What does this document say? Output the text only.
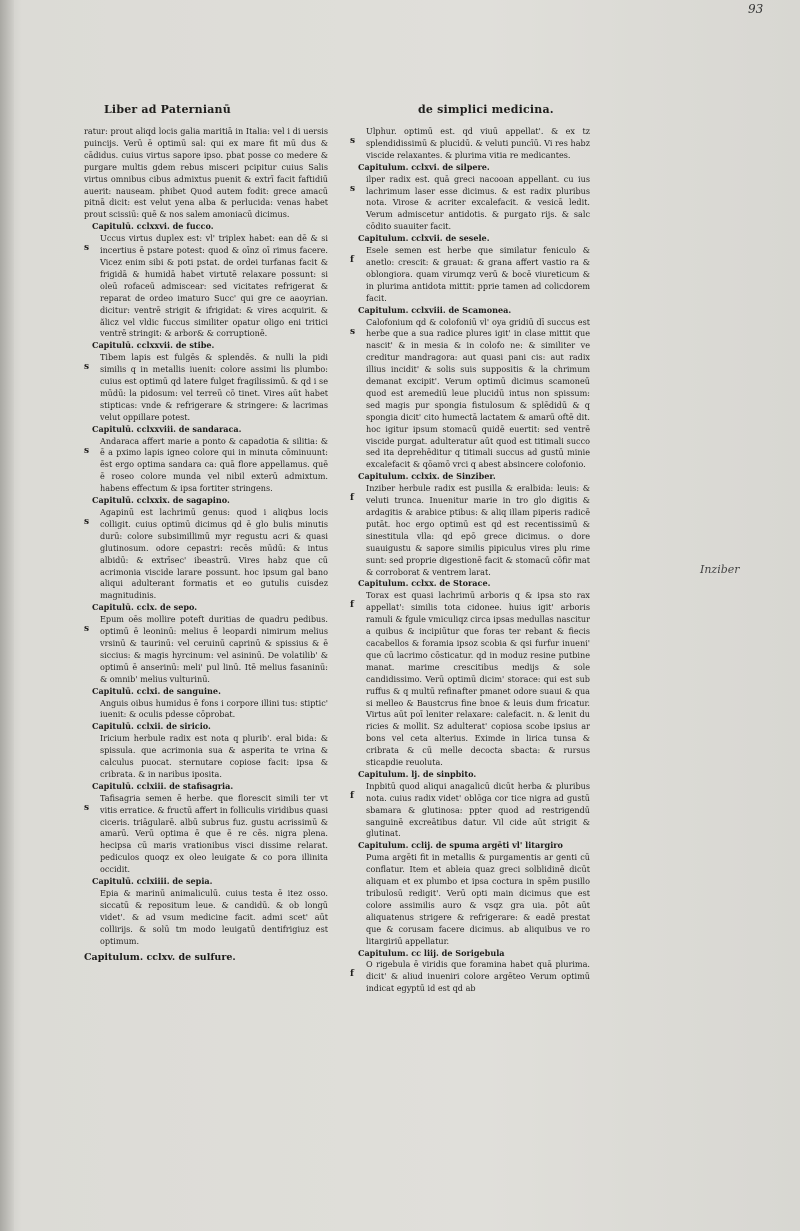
93
Liber ad Paternianū	de simplici medicina.

ratur: prout aliqd locis galia maritiā in Italia: vel i di uersis puincijs. Verū ē optimū sal: qui ex mare fit mū dus & cādidus. cuius virtus sapore ipso. pbat posse co medere & purgare multis gdem rebus misceri pcipitur cuius Salis virtus omnibus cibus admixtus puenit & extrī facit faftidiū auerit: nauseam. phibet Quod autem fodit: grece amacū pitnā dicit: est velut yena alba & perlucida: venas habet prout scissiū: quē & nos salem amoniacū dicimus.

Capitulū. cclxxvi. de fucco.

s
Uccus virtus duplex est: vl' triplex habet: ean dē & si incertius ē pstare potest: quod & oīnz oī rimus facere. Vicez enim sibi & poti pstat. de ordei turfanas facit & frigidā & humidā habet virtutē relaxare possunt: si oleū rofaceū admiscear: sed vicitates refrigerat & reparat de ordeo imaturo Succ' qui gre ce aaoyrian. dicitur: ventrē strigit & ifrigidat: & vires acquirit. & ălicz vel vldic fuccus similiter opatur oligo eni tritici ventrē stringit: & arbor& & corruptionē.

Capitulū. cclxxvii. de stibe.

s
Tibem lapis est fulgēs & splendēs. & nulli la pidi similis q in metallis iuenit: colore assimi lis plumbo: cuius est optimū qd latere fulget fragilissimū. & qd i se mūdū: la pidosum: vel terreū cō tinet. Vires aūt habet stipticas: vnde & refrigerare & stringere: & lacrimas velut oppillare potest.

Capitulū. cclxxviii. de sandaraca.

s
Andaraca affert marie a ponto & capadotia & silitia: & ē a pximo lapis igneo colore qui in minuta cōminuunt: ēst ergo optima sandara ca: quā flore appellamus. quē ē roseo colore munda vel nibil exterū admixtum. habens effectum & ipsa fortiter stringens.

Capitulū. cclxxix. de sagapino.

s
Agapinū est lachrimū genus: quod i aliqbus locis colligit. cuius optimū dicimus qd ē glo bulis minutis durū: colore subsimillimū myr regustu acri & quasi glutinosum. odore cepastri: recēs mūdū: & intus albidū: & extrīsec' ibeastrū. Vires habz que cū acrimonia viscide larare possunt. hoc ipsum gal bano aliqui adulterant formatis et eo gutulis cuisdez magnitudinis.

Capitulū. cclx. de sepo.

s
Epum oēs mollire poteft duritias de quadru pedibus. optimū ē leoninū: melius ē leopardi nimirum melius vrsinū & taurinū: vel ceruinū caprinū & spissius & ē siccius: & magis hyrcinum: vel asininū. De volatilib' & optimū ē anserinū: meli' pul linū. Itē melius fasaninū: & omnib' melius vulturinū.

Capitulū. cclxi. de sanguine.

Anguis oibus humidus ē fons i corpore illini tus: stiptic' iuenit: & oculis pdesse cōprobat.

Capitulū. cclxii. de siricio.

Iricium herbule radix est nota q plurib'. eral bida: & spissula. que acrimonia sua & asperita te vrina & calculus puocat. sternutare copiose facit: ipsa & cribrata. & in naribus iposita.

Capitulū. cclxiii. de stafisagria.

s
Tafisagria semen ē herbe. que florescit simili ter vt vitis erratice. & fructū affert in folliculis viridibus quasi ciceris. triāgularē. albū subrus fuz. gustu acrissimū & amarū. Verū optima ē que ē re cēs. nigra plena. hecipsa cū maris vrationibus visci dissime relarat. pediculos quoqz ex oleo leuigate & co pora illinita occidit.

Capitulū. cclxiiii. de sepia.

Epia & marinū animaliculū. cuius testa ē itez osso. siccatū & repositum leue. & candidū. & ob longū videt'. & ad vsum medicine facit. admi scet' aūt collirijs. & solū tm modo leuigatū dentifrigiuz est optimum.

Capitulum. cclxv. de sulfure.

s
Ulphur. optimū est. qd viuū appellat'. & ex tz splendidissimū & plucidū. & veluti puncīū. Vi res habz viscide relaxantes. & plurima vitia re medicantes.

Capitulum. cclxvi. de silpere.

s
ilper radix est. quā greci nacooan appellant. cu ius lachrimum laser esse dicimus. & est radix pluribus nota. Virose & acriter excalefacit. & vesicā ledit. Verum admiscetur antidotis. & purgato rijs. & salc cōdito suauiter facit.

Capitulum. cclxvii. de sesele.

f
Esele semen est herbe que similatur feniculo & anetlo: crescit: & grauat: & grana affert vastio ra & oblongiora. quam virumqz verū & bocē viureticum & in plurima antidota mittit: pprie tamen ad colicdorem facit.

Capitulum. cclxviii. de Scamonea.

s
Calofonium qd & colofoniū vl' oya gridiū dī succus est herbe que a sua radice plures igit' in clase mittit que nascit' & in mesia & in colofo ne: & similiter ve creditur mandragora: aut quasi pani cis: aut radix illius incidit' & solis suis suppositis & la chrimum demanat excipit'. Verum optimū dicimus scamoneū quod est aremediū leue plucidū intus non spissum: sed magis pur spongia fistulosum & splēdidū & q spongia dicit' cito humectā lactatem & amarū oftē dit. hoc igitur ipsum stomacū quidē euertit: sed ventrē viscide purgat. adulteratur aūt quod est titimali succo sed ita deprehēditur q titimali succus ad gustū minie excalefacit & qōamō vrci q abest absincere colofonio.

Capitulum. cclxix. de Sinziber.

f
Inziber herbule radix est pusilla & eralbida: leuis: & veluti trunca. Inuenitur marie in tro glo digitis & ardagitis & arabice ptibus: & aliq illam piperis radicē putāt. hoc ergo optimū est qd est recentissimū & sinestitula vlla: qd epō grece dicimus. o dore suauigustu & sapore similis pipiculus vires plu rime sunt: sed proprie digestionē facit & stomacū cōfir mat & corroborat & ventrem larat.

Capitulum. cclxx. de Storace.

f
Torax est quasi lachrimū arboris q & ipsa sto rax appellat': similis tota cidonee. huius igit' arboris ramuli & fgule vmiculiqz circa ipsas medullas nascitur a quibus & incipiūtur que foras ter rebant & fiecis cacabellos & foramia ipsoz scobia & qsi furfur inueni' que cū lacrimo cōsticatur. qd in moduz resine putbine manat. marime crescitibus medijs & sole candidissimo. Verū optimū dicim' storace: qui est sub ruffus & q multū refinafter pmanet odore suaui & qua si melleo & Baustcrus fine bnoe & leuis dum fricatur. Virtus aūt poī leniter relaxare: calefacit. n. & lenit du ricies & mollit. Sz adulterat' copiosa scobe ipsius ar bons vel ceta alterius. Eximde in lirica tunsa & cribrata & cū melle decocta sbacta: & rursus sticapdie reuoluta.

Capitulum. lj. de sinpbito.

f
Inpbitū quod aliqui anagalicū dicūt herba & pluribus nota. cuius radix videt' oblōga cor tice nigra ad gustū sbamara & glutinosa: ppter quod ad restrigendū sanguinē excreātibus datur. Vil cide aūt strigit & glutinat.

Capitulum. cclij. de spuma argēti vl' litargiro

Puma argēti fit in metallis & purgamentis ar genti cū conflatur. Item et ableia quaz greci solblidinē dicūt aliquam et ex plumbo et ipsa coctura in spēm pusillo tribulosū redigit'. Verū opti main dicimus que est colore assimilis auro & vsqz gra uia. pōt aūt aliquatenus strigere & refrigerare: & eadē prestat que & corusam facere dicimus. ab aliquibus ve ro litargiriū appellatur.

Capitulum. cc liij. de Sorigebula

f
O rigebula ē viridis que foramina habet quā plurima. dicit' & aliud inueniri colore argēteo Verum optimū indicat egyptū id est qd ab

Inziber
